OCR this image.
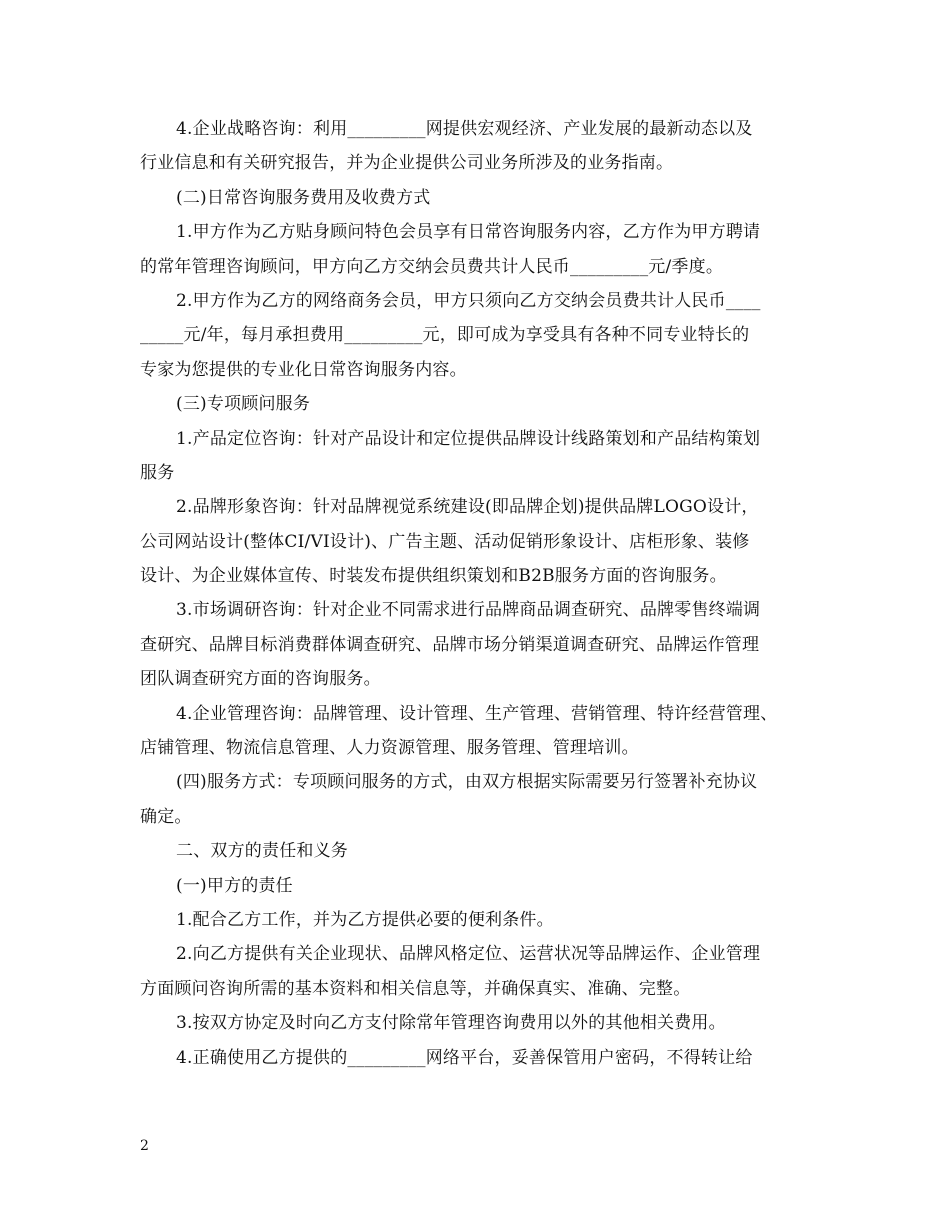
4.企业战略咨询：利用_________网提供宏观经济、产业发展的最新动态以及
行业信息和有关研究报告，并为企业提供公司业务所涉及的业务指南。
(二)日常咨询服务费用及收费方式
1.甲方作为乙方贴身顾问特色会员享有日常咨询服务内容，乙方作为甲方聘请
的常年管理咨询顾问，甲方向乙方交纳会员费共计人民币_________元/季度。
2.甲方作为乙方的网络商务会员，甲方只须向乙方交纳会员费共计人民币____
_____元/年，每月承担费用_________元，即可成为享受具有各种不同专业特长的
专家为您提供的专业化日常咨询服务内容。
(三)专项顾问服务
1.产品定位咨询：针对产品设计和定位提供品牌设计线路策划和产品结构策划
服务
2.品牌形象咨询：针对品牌视觉系统建设(即品牌企划)提供品牌LOGO设计，
公司网站设计(整体CI/VI设计)、广告主题、活动促销形象设计、店柜形象、装修
设计、为企业媒体宣传、时装发布提供组织策划和B2B服务方面的咨询服务。
3.市场调研咨询：针对企业不同需求进行品牌商品调查研究、品牌零售终端调
查研究、品牌目标消费群体调查研究、品牌市场分销渠道调查研究、品牌运作管理
团队调查研究方面的咨询服务。
4.企业管理咨询：品牌管理、设计管理、生产管理、营销管理、特许经营管理、
店铺管理、物流信息管理、人力资源管理、服务管理、管理培训。
(四)服务方式：专项顾问服务的方式，由双方根据实际需要另行签署补充协议
确定。
二、双方的责任和义务
(一)甲方的责任
1.配合乙方工作，并为乙方提供必要的便利条件。
2.向乙方提供有关企业现状、品牌风格定位、运营状况等品牌运作、企业管理
方面顾问咨询所需的基本资料和相关信息等，并确保真实、准确、完整。
3.按双方协定及时向乙方支付除常年管理咨询费用以外的其他相关费用。
4.正确使用乙方提供的_________网络平台，妥善保管用户密码，不得转让给
2
